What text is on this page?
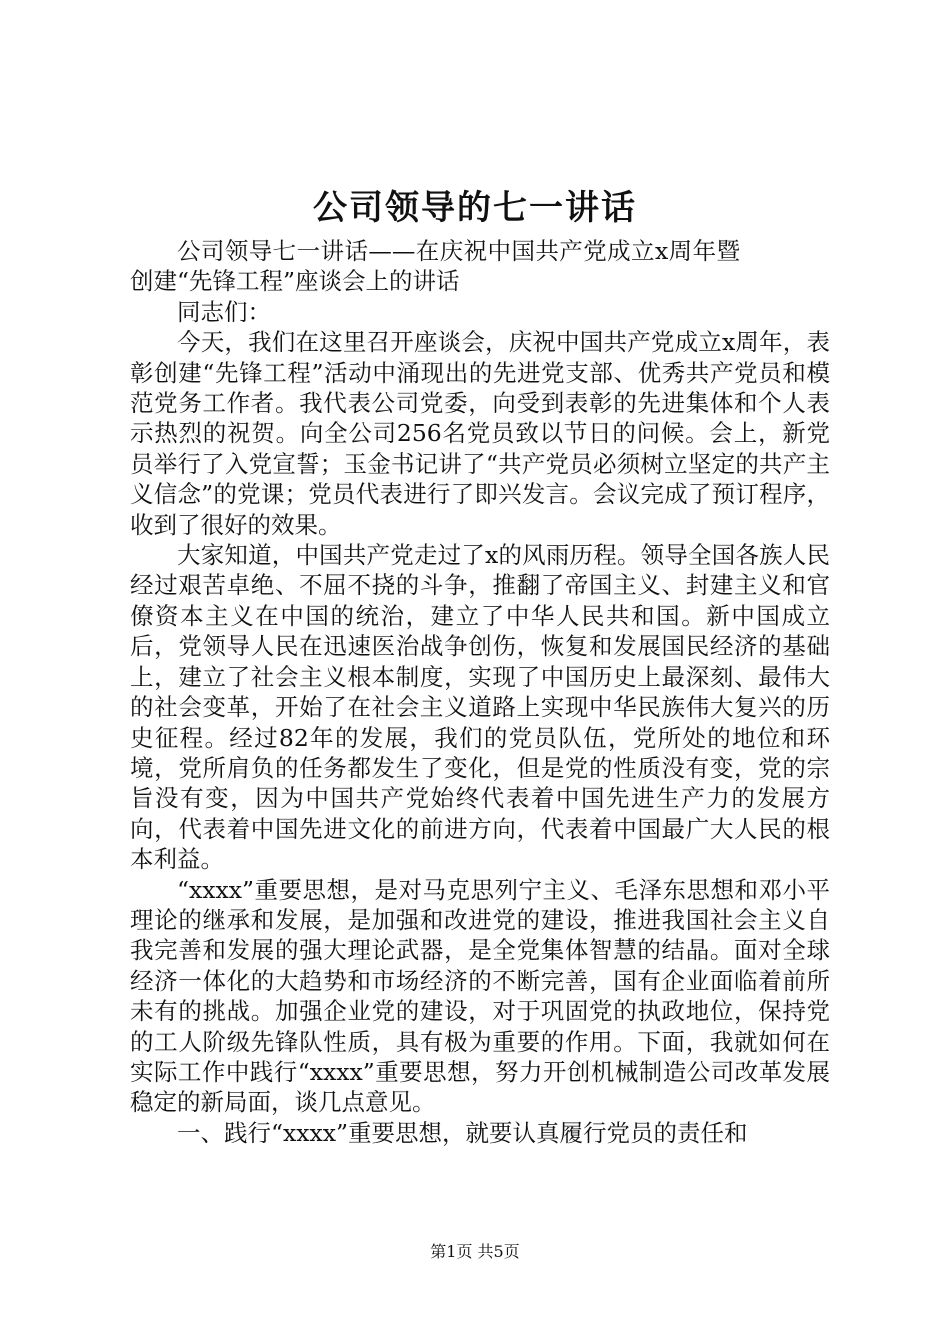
公司领导的七一讲话

公司领导七一讲话——在庆祝中国共产党成立x周年暨创建“先锋工程”座谈会上的讲话

同志们：

今天，我们在这里召开座谈会，庆祝中国共产党成立x周年，表彰创建“先锋工程”活动中涌现出的先进党支部、优秀共产党员和模范党务工作者。我代表公司党委，向受到表彰的先进集体和个人表示热烈的祝贺。向全公司256名党员致以节日的问候。会上，新党员举行了入党宣誓；玉金书记讲了“共产党员必须树立坚定的共产主义信念”的党课；党员代表进行了即兴发言。会议完成了预订程序，收到了很好的效果。

大家知道，中国共产党走过了x的风雨历程。领导全国各族人民经过艰苦卓绝、不屈不挠的斗争，推翻了帝国主义、封建主义和官僚资本主义在中国的统治，建立了中华人民共和国。新中国成立后，党领导人民在迅速医治战争创伤，恢复和发展国民经济的基础上，建立了社会主义根本制度，实现了中国历史上最深刻、最伟大的社会变革，开始了在社会主义道路上实现中华民族伟大复兴的历史征程。经过82年的发展，我们的党员队伍，党所处的地位和环境，党所肩负的任务都发生了变化，但是党的性质没有变，党的宗旨没有变，因为中国共产党始终代表着中国先进生产力的发展方向，代表着中国先进文化的前进方向，代表着中国最广大人民的根本利益。

“xxxx”重要思想，是对马克思列宁主义、毛泽东思想和邓小平理论的继承和发展，是加强和改进党的建设，推进我国社会主义自我完善和发展的强大理论武器，是全党集体智慧的结晶。面对全球经济一体化的大趋势和市场经济的不断完善，国有企业面临着前所未有的挑战。加强企业党的建设，对于巩固党的执政地位，保持党的工人阶级先锋队性质，具有极为重要的作用。下面，我就如何在实际工作中践行“xxxx”重要思想，努力开创机械制造公司改革发展稳定的新局面，谈几点意见。

一、践行“xxxx”重要思想，就要认真履行党员的责任和

第1页 共5页
